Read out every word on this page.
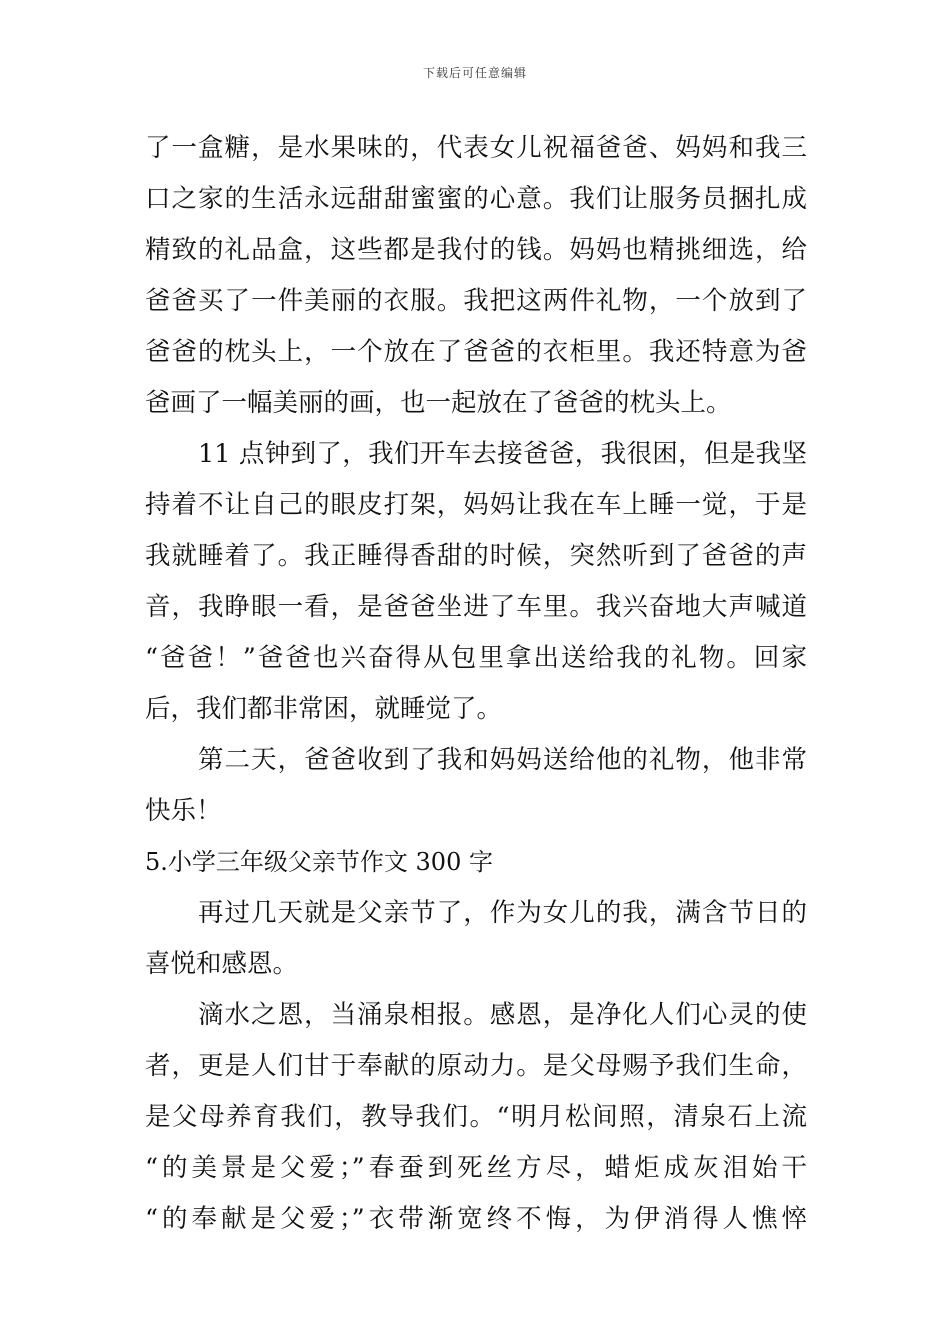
下载后可任意编辑
了一盒糖，是水果味的，代表女儿祝福爸爸、妈妈和我三
口之家的生活永远甜甜蜜蜜的心意。我们让服务员捆扎成
精致的礼品盒，这些都是我付的钱。妈妈也精挑细选，给
爸爸买了一件美丽的衣服。我把这两件礼物，一个放到了
爸爸的枕头上，一个放在了爸爸的衣柜里。我还特意为爸
爸画了一幅美丽的画，也一起放在了爸爸的枕头上。
11 点钟到了，我们开车去接爸爸，我很困，但是我坚
持着不让自己的眼皮打架，妈妈让我在车上睡一觉，于是
我就睡着了。我正睡得香甜的时候，突然听到了爸爸的声
音，我睁眼一看，是爸爸坐进了车里。我兴奋地大声喊道
“爸爸！”爸爸也兴奋得从包里拿出送给我的礼物。回家
后，我们都非常困，就睡觉了。
第二天，爸爸收到了我和妈妈送给他的礼物，他非常
快乐！
5.小学三年级父亲节作文 300 字
再过几天就是父亲节了，作为女儿的我，满含节日的
喜悦和感恩。
滴水之恩，当涌泉相报。感恩，是净化人们心灵的使
者，更是人们甘于奉献的原动力。是父母赐予我们生命，
是父母养育我们，教导我们。“明月松间照，清泉石上流
“的美景是父爱；”春蚕到死丝方尽，蜡炬成灰泪始干
“的奉献是父爱；”衣带渐宽终不悔，为伊消得人憔悴
